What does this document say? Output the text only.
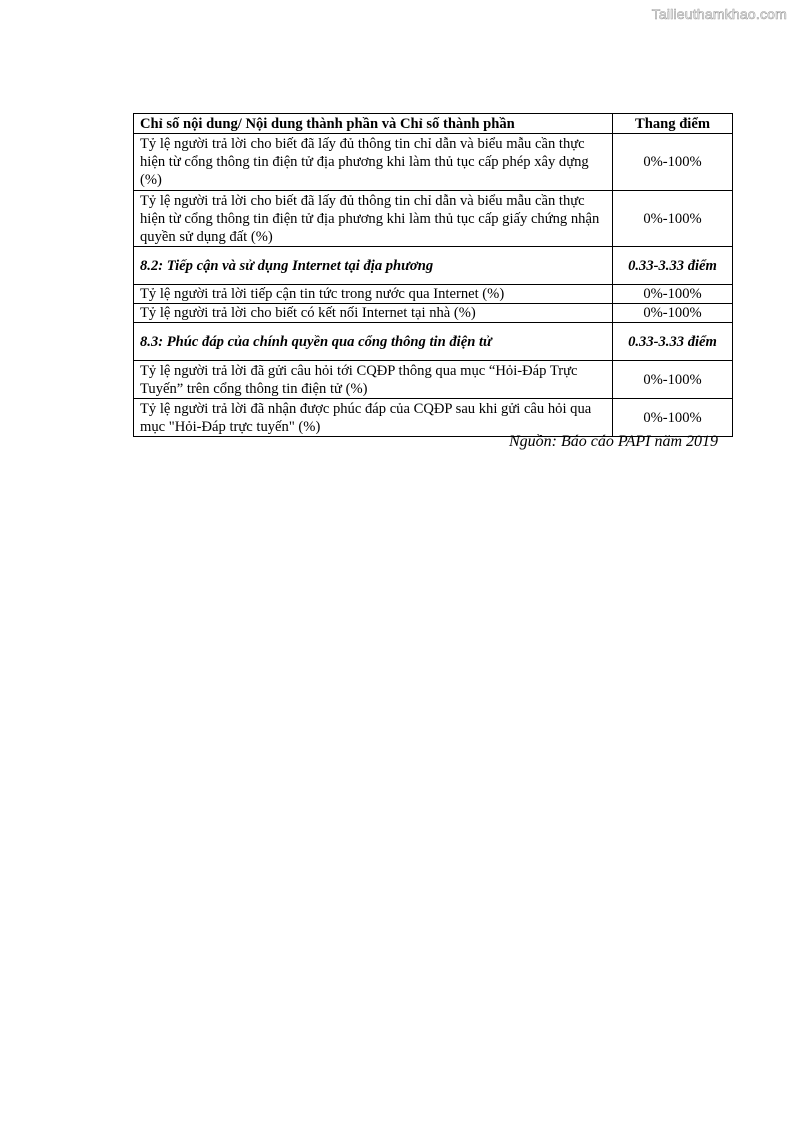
Tailieuthamkhao.com
Chỉ số nội dung/ Nội dung thành phần và Chỉ số thành phần	Thang điểm
Tỷ lệ người trả lời cho biết đã lấy đủ thông tin chỉ dẫn và biểu mẫu cần thực hiện từ cổng thông tin điện tử địa phương khi làm thủ tục cấp phép xây dựng (%)	0%-100%
Tỷ lệ người trả lời cho biết đã lấy đủ thông tin chỉ dẫn và biểu mẫu cần thực hiện từ cổng thông tin điện tử địa phương khi làm thủ tục cấp giấy chứng nhận quyền sử dụng đất (%)	0%-100%
8.2: Tiếp cận và sử dụng Internet tại địa phương	0.33-3.33 điểm
Tỷ lệ người trả lời tiếp cận tin tức trong nước qua Internet (%)	0%-100%
Tỷ lệ người trả lời cho biết có kết nối Internet tại nhà (%)	0%-100%
8.3: Phúc đáp của chính quyền qua cổng thông tin điện tử	0.33-3.33 điểm
Tỷ lệ người trả lời đã gửi câu hỏi tới CQĐP thông qua mục “Hỏi-Đáp Trực Tuyến” trên cổng thông tin điện tử (%)	0%-100%
Tỷ lệ người trả lời đã nhận được phúc đáp của CQĐP sau khi gửi câu hỏi qua mục "Hỏi-Đáp trực tuyến" (%)	0%-100%
Nguồn: Báo cáo PAPI năm 2019
